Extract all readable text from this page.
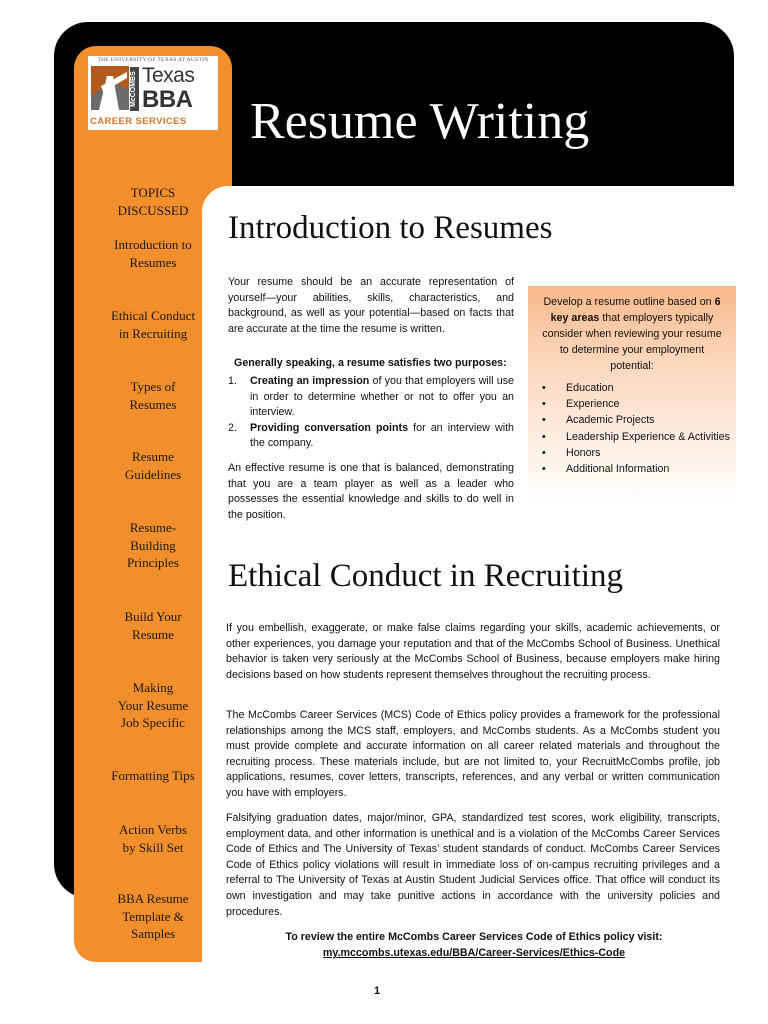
THE UNIVERSITY OF TEXAS AT AUSTIN
McCOMBS Texas
BBA
CAREER SERVICES Resume Writing
TOPICS
DISCUSSED
Introduction to
Resumes
Ethical Conduct
in Recruiting
Types of
Resumes
Resume
Guidelines
Resume-
Building
Principles
Build Your
Resume
Making
Your Resume
Job Specific
Formatting Tips
Action Verbs
by Skill Set
BBA Resume
Template &
Samples
Introduction to Resumes

Your resume should be an accurate representation of yourself—your abilities, skills, characteristics, and background, as well as your potential—based on facts that are accurate at the time the resume is written.

Generally speaking, a resume satisfies two purposes:
1. Creating an impression of you that employers will use in order to determine whether or not to offer you an interview.
2. Providing conversation points for an interview with the company.

An effective resume is one that is balanced, demonstrating that you are a team player as well as a leader who possesses the essential knowledge and skills to do well in the position.

Develop a resume outline based on 6 key areas that employers typically consider when reviewing your resume to determine your employment potential:
• Education
• Experience
• Academic Projects
• Leadership Experience & Activities
• Honors
• Additional Information
Ethical Conduct in Recruiting

If you embellish, exaggerate, or make false claims regarding your skills, academic achievements, or other experiences, you damage your reputation and that of the McCombs School of Business. Unethical behavior is taken very seriously at the McCombs School of Business, because employers make hiring decisions based on how students represent themselves throughout the recruiting process.

The McCombs Career Services (MCS) Code of Ethics policy provides a framework for the professional relationships among the MCS staff, employers, and McCombs students. As a McCombs student you must provide complete and accurate information on all career related materials and throughout the recruiting process. These materials include, but are not limited to, your RecruitMcCombs profile, job applications, resumes, cover letters, transcripts, references, and any verbal or written communication you have with employers.

Falsifying graduation dates, major/minor, GPA, standardized test scores, work eligibility, transcripts, employment data, and other information is unethical and is a violation of the McCombs Career Services Code of Ethics and The University of Texas’ student standards of conduct. McCombs Career Services Code of Ethics policy violations will result in immediate loss of on-campus recruiting privileges and a referral to The University of Texas at Austin Student Judicial Services office. That office will conduct its own investigation and may take punitive actions in accordance with the university policies and procedures.

To review the entire McCombs Career Services Code of Ethics policy visit:
my.mccombs.utexas.edu/BBA/Career-Services/Ethics-Code
1
